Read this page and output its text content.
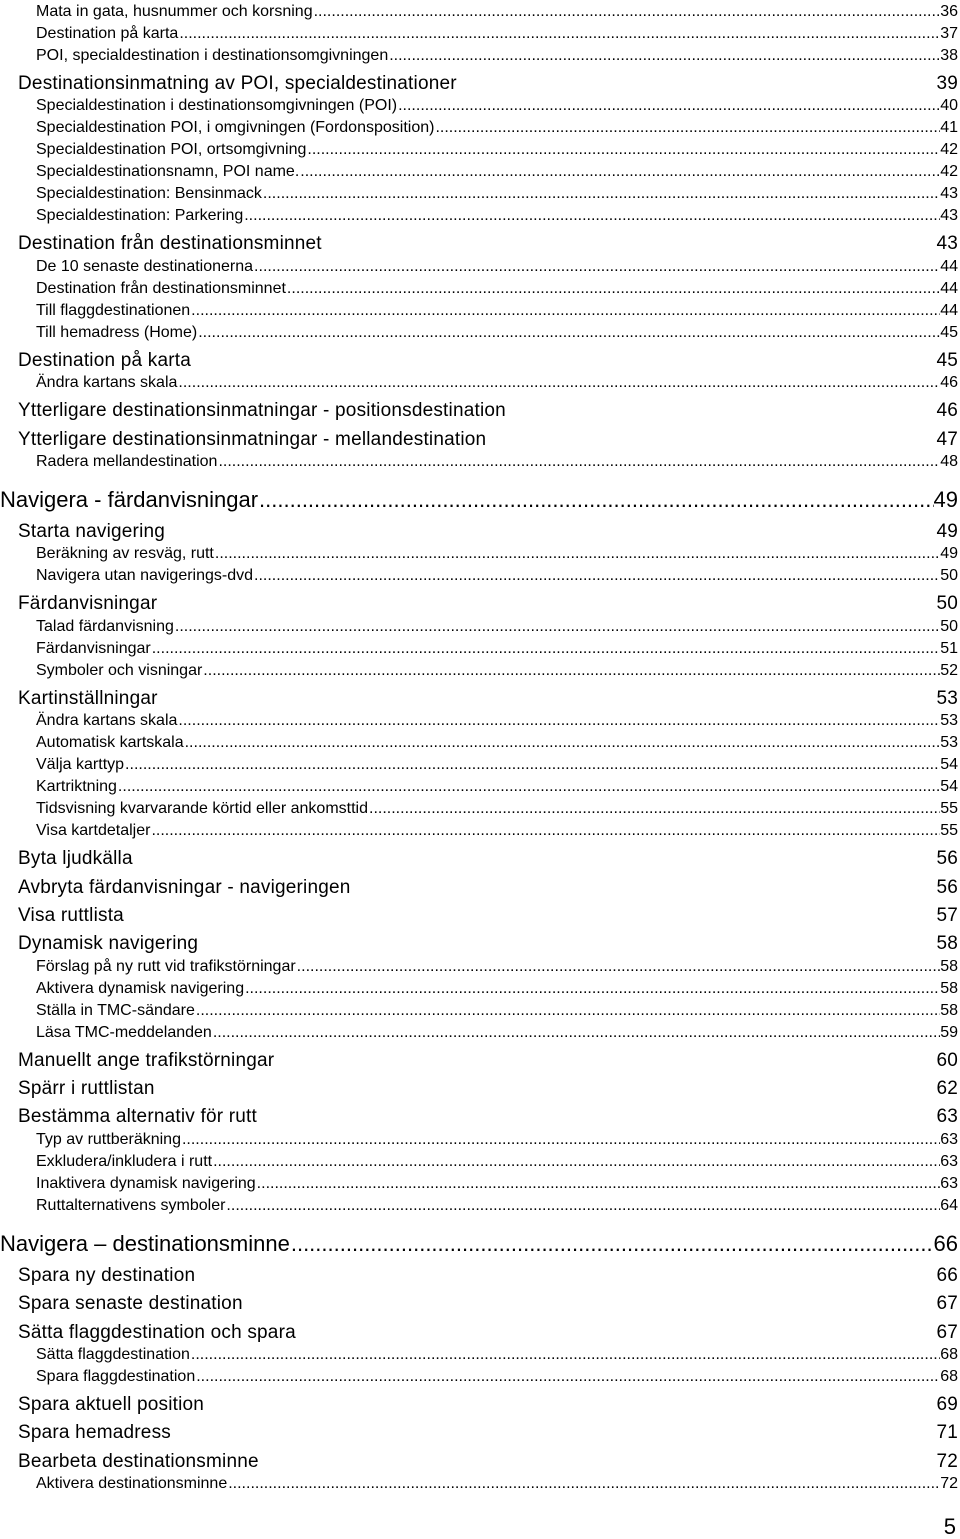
Mata in gata, husnummer och korsning .....	36
Destination på karta .....	37
POI, specialdestination i destinationsomgivningen .....	38
Destinationsinmatning av POI, specialdestinationer	39
Specialdestination i destinationsomgivningen (POI) .....	40
Specialdestination POI, i omgivningen (Fordonsposition) .....	41
Specialdestination POI, ortsomgivning .....	42
Specialdestinationsnamn, POI name. .....	42
Specialdestination: Bensinmack .....	43
Specialdestination: Parkering .....	43
Destination från destinationsminnet	43
De 10 senaste destinationerna .....	44
Destination från destinationsminnet .....	44
Till flaggdestinationen .....	44
Till hemadress (Home) .....	45
Destination på karta	45
Ändra kartans skala .....	46
Ytterligare destinationsinmatningar - positionsdestination	46
Ytterligare destinationsinmatningar - mellandestination	47
Radera mellandestination .....	48
Navigera - färdanvisningar .....	49
Starta navigering	49
Beräkning av resväg, rutt .....	49
Navigera utan navigerings-dvd .....	50
Färdanvisningar	50
Talad färdanvisning .....	50
Färdanvisningar .....	51
Symboler och visningar .....	52
Kartinställningar	53
Ändra kartans skala .....	53
Automatisk kartskala .....	53
Välja karttyp .....	54
Kartriktning .....	54
Tidsvisning kvarvarande körtid eller ankomsttid .....	55
Visa kartdetaljer .....	55
Byta ljudkälla	56
Avbryta färdanvisningar - navigeringen	56
Visa ruttlista	57
Dynamisk navigering	58
Förslag på ny rutt vid trafikstörningar .....	58
Aktivera dynamisk navigering .....	58
Ställa in TMC-sändare .....	58
Läsa TMC-meddelanden .....	59
Manuellt ange trafikstörningar	60
Spärr i ruttlistan	62
Bestämma alternativ för rutt	63
Typ av ruttberäkning .....	63
Exkludera/inkludera i rutt .....	63
Inaktivera dynamisk navigering .....	63
Ruttalternativens symboler .....	64
Navigera – destinationsminne .....	66
Spara ny destination	66
Spara senaste destination	67
Sätta flaggdestination och spara	67
Sätta flaggdestination .....	68
Spara flaggdestination .....	68
Spara aktuell position	69
Spara hemadress	71
Bearbeta destinationsminne	72
Aktivera destinationsminne .....	72
5
